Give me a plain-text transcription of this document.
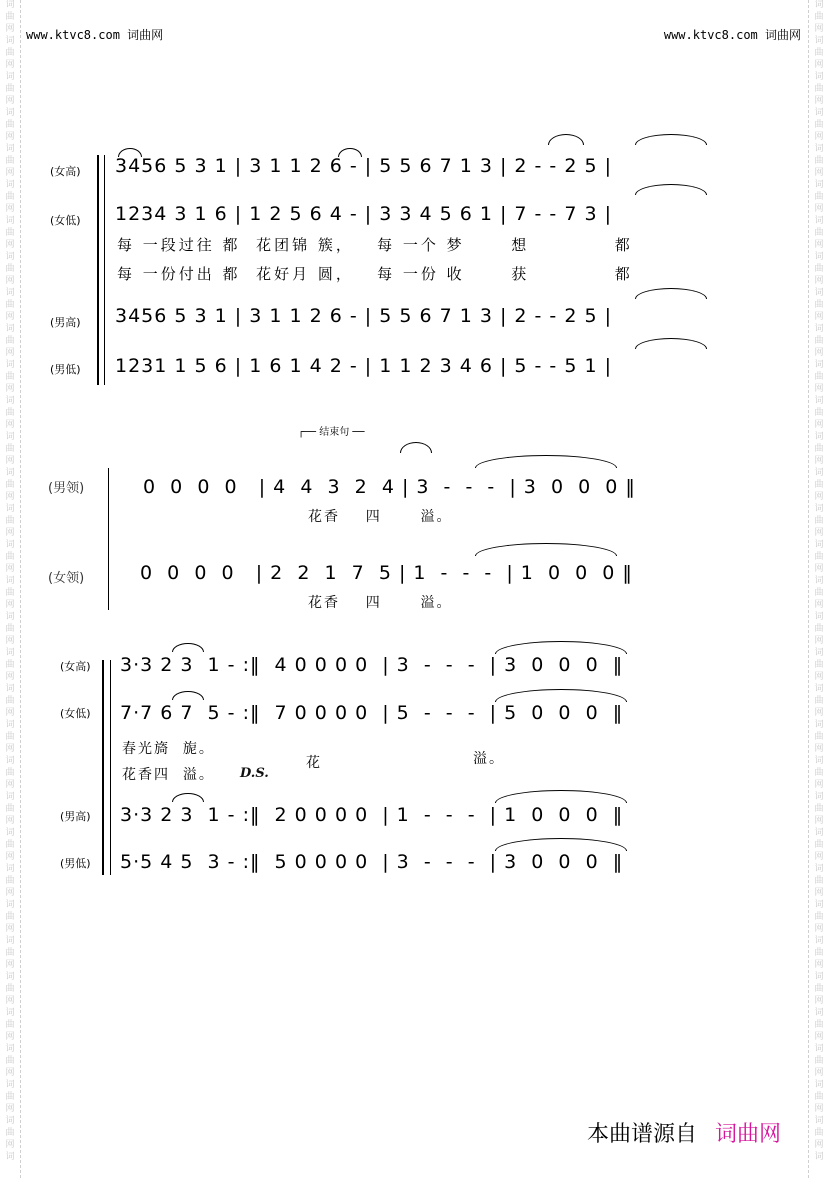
词
曲
网
词
曲
网
词
曲
网
词
曲
网
词
曲
网
词
曲
网
词
曲
网
词
曲
网
词
曲
网
词
曲
网
词
曲
网
词
曲
网
词
曲
网
词
曲
网
词
曲
网
词
曲
网
词
曲
网
词
曲
网
词
曲
网
词
曲
网
词
曲
网
词
曲
网
词
曲
网
词
曲
网
词
曲
网
词
曲
网
词
曲
网
词
曲
网
词
曲
网
词
曲
网
词
曲
网
词
曲
网
词
词
曲
网
词
曲
网
词
曲
网
词
曲
网
词
曲
网
词
曲
网
词
曲
网
词
曲
网
词
曲
网
词
曲
网
词
曲
网
词
曲
网
词
曲
网
词
曲
网
词
曲
网
词
曲
网
词
曲
网
词
曲
网
词
曲
网
词
曲
网
词
曲
网
词
曲
网
词
曲
网
词
曲
网
词
曲
网
词
曲
网
词
曲
网
词
曲
网
词
曲
网
词
曲
网
词
曲
网
词
曲
网
词
www.ktvc8.com 词曲网	www.ktvc8.com 词曲网
(女高)
(女低)
(男高)
(男低)
3456 5 3 1 | 3 1 1 2 6 - | 5 5 6 7 1 3 | 2 - - 2 5 |
1234 3 1 6 | 1 2 5 6 4 - | 3 3 4 5 6 1 | 7 - - 7 3 |
每 一段过往 都  花团锦 簇，   每 一个 梦      想           都
每 一份付出 都  花好月 圆，   每 一份 收      获           都
3456 5 3 1 | 3 1 1 2 6 - | 5 5 6 7 1 3 | 2 - - 2 5 |
1231 1 5 6 | 1 6 1 4 2 - | 1 1 2 3 4 6 | 5 - - 5 1 |
┌── 结束句 ──
(男领)
(女领)
0  0  0  0   | 4  4  3  2  4 | 3  -  -  -  | 3  0  0  0 ‖
花香    四      溢。
0  0  0  0   | 2  2  1  7  5 | 1  -  -  -  | 1  0  0  0 ‖
花香    四      溢。
(女高)
(女低)
(男高)
(男低)
3·3 2 3  1 - :‖  4 0 0 0 0  | 3  -  -  -  | 3  0  0  0  ‖
7·7 6 7  5 - :‖  7 0 0 0 0  | 5  -  -  -  | 5  0  0  0  ‖
春光旖  旎。
花	溢。
花香四  溢。 D.S.
3·3 2 3  1 - :‖  2 0 0 0 0  | 1  -  -  -  | 1  0  0  0  ‖
5·5 4 5  3 - :‖  5 0 0 0 0  | 3  -  -  -  | 3  0  0  0  ‖
本曲谱源自 词曲网
